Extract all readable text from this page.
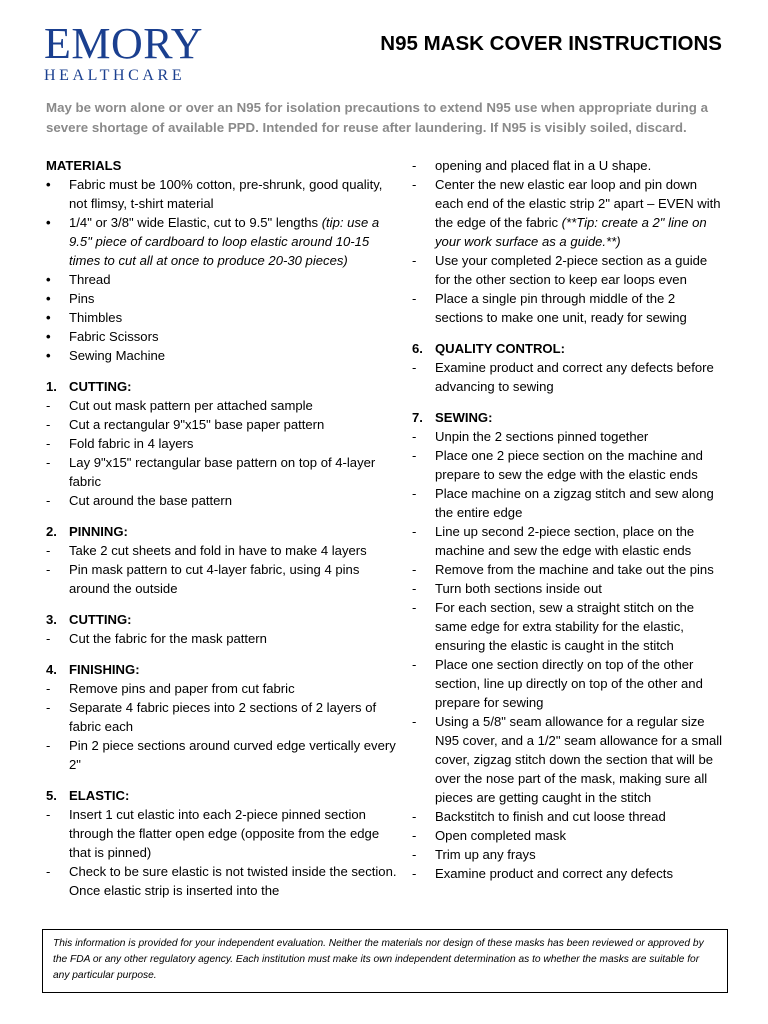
EMORY
HEALTHCARE
N95 MASK COVER INSTRUCTIONS
May be worn alone or over an N95 for isolation precautions to extend N95 use when appropriate during a severe shortage of available PPD. Intended for reuse after laundering. If N95 is visibly soiled, discard.
MATERIALS
•	Fabric must be 100% cotton, pre-shrunk, good quality, not flimsy, t-shirt material
•	1/4" or 3/8" wide Elastic, cut to 9.5" lengths (tip: use a 9.5" piece of cardboard to loop elastic around 10-15 times to cut all at once to produce 20-30 pieces)
•	Thread
•	Pins
•	Thimbles
•	Fabric Scissors
•	Sewing Machine
1. CUTTING:
-	Cut out mask pattern per attached sample
-	Cut a rectangular 9"x15" base paper pattern
-	Fold fabric in 4 layers
-	Lay 9"x15" rectangular base pattern on top of 4-layer fabric
-	Cut around the base pattern
2. PINNING:
-	Take 2 cut sheets and fold in have to make 4 layers
-	Pin mask pattern to cut 4-layer fabric, using 4 pins around the outside
3. CUTTING:
-	Cut the fabric for the mask pattern
4. FINISHING:
-	Remove pins and paper from cut fabric
-	Separate 4 fabric pieces into 2 sections of 2 layers of fabric each
-	Pin 2 piece sections around curved edge vertically every 2"
5. ELASTIC:
-	Insert 1 cut elastic into each 2-piece pinned section through the flatter open edge (opposite from the edge that is pinned)
-	Check to be sure elastic is not twisted inside the section. Once elastic strip is inserted into the
-	opening and placed flat in a U shape.
-	Center the new elastic ear loop and pin down each end of the elastic strip 2" apart – EVEN with the edge of the fabric (**Tip: create a 2" line on your work surface as a guide.**)
-	Use your completed 2-piece section as a guide for the other section to keep ear loops even
-	Place a single pin through middle of the 2 sections to make one unit, ready for sewing
6. QUALITY CONTROL:
-	Examine product and correct any defects before advancing to sewing
7. SEWING:
-	Unpin the 2 sections pinned together
-	Place one 2 piece section on the machine and prepare to sew the edge with the elastic ends
-	Place machine on a zigzag stitch and sew along the entire edge
-	Line up second 2-piece section, place on the machine and sew the edge with elastic ends
-	Remove from the machine and take out the pins
-	Turn both sections inside out
-	For each section, sew a straight stitch on the same edge for extra stability for the elastic, ensuring the elastic is caught in the stitch
-	Place one section directly on top of the other section, line up directly on top of the other and prepare for sewing
-	Using a 5/8" seam allowance for a regular size N95 cover, and a 1/2" seam allowance for a small cover, zigzag stitch down the section that will be over the nose part of the mask, making sure all pieces are getting caught in the stitch
-	Backstitch to finish and cut loose thread
-	Open completed mask
-	Trim up any frays
-	Examine product and correct any defects
This information is provided for your independent evaluation. Neither the materials nor design of these masks has been reviewed or approved by the FDA or any other regulatory agency. Each institution must make its own independent determination as to whether the masks are suitable for any particular purpose.
